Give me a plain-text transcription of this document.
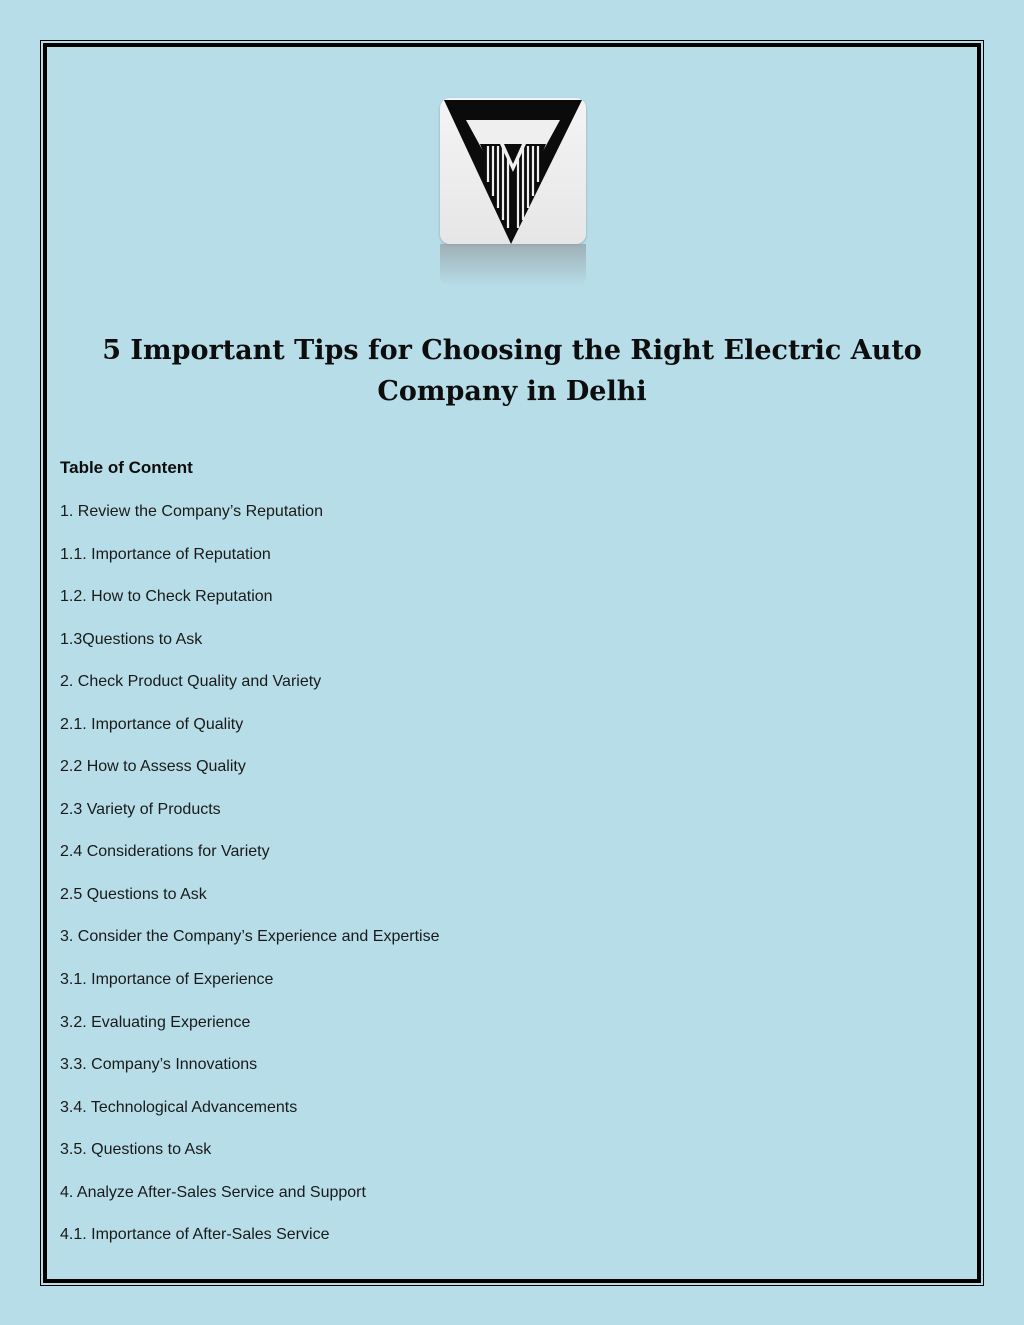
5 Important Tips for Choosing the Right Electric Auto Company in Delhi
Table of Content
1. Review the Company’s Reputation
1.1. Importance of Reputation
1.2. How to Check Reputation
1.3Questions to Ask
2. Check Product Quality and Variety
2.1. Importance of Quality
2.2 How to Assess Quality
2.3 Variety of Products
2.4 Considerations for Variety
2.5 Questions to Ask
3. Consider the Company’s Experience and Expertise
3.1. Importance of Experience
3.2. Evaluating Experience
3.3. Company’s Innovations
3.4. Technological Advancements
3.5. Questions to Ask
4. Analyze After-Sales Service and Support
4.1. Importance of After-Sales Service
